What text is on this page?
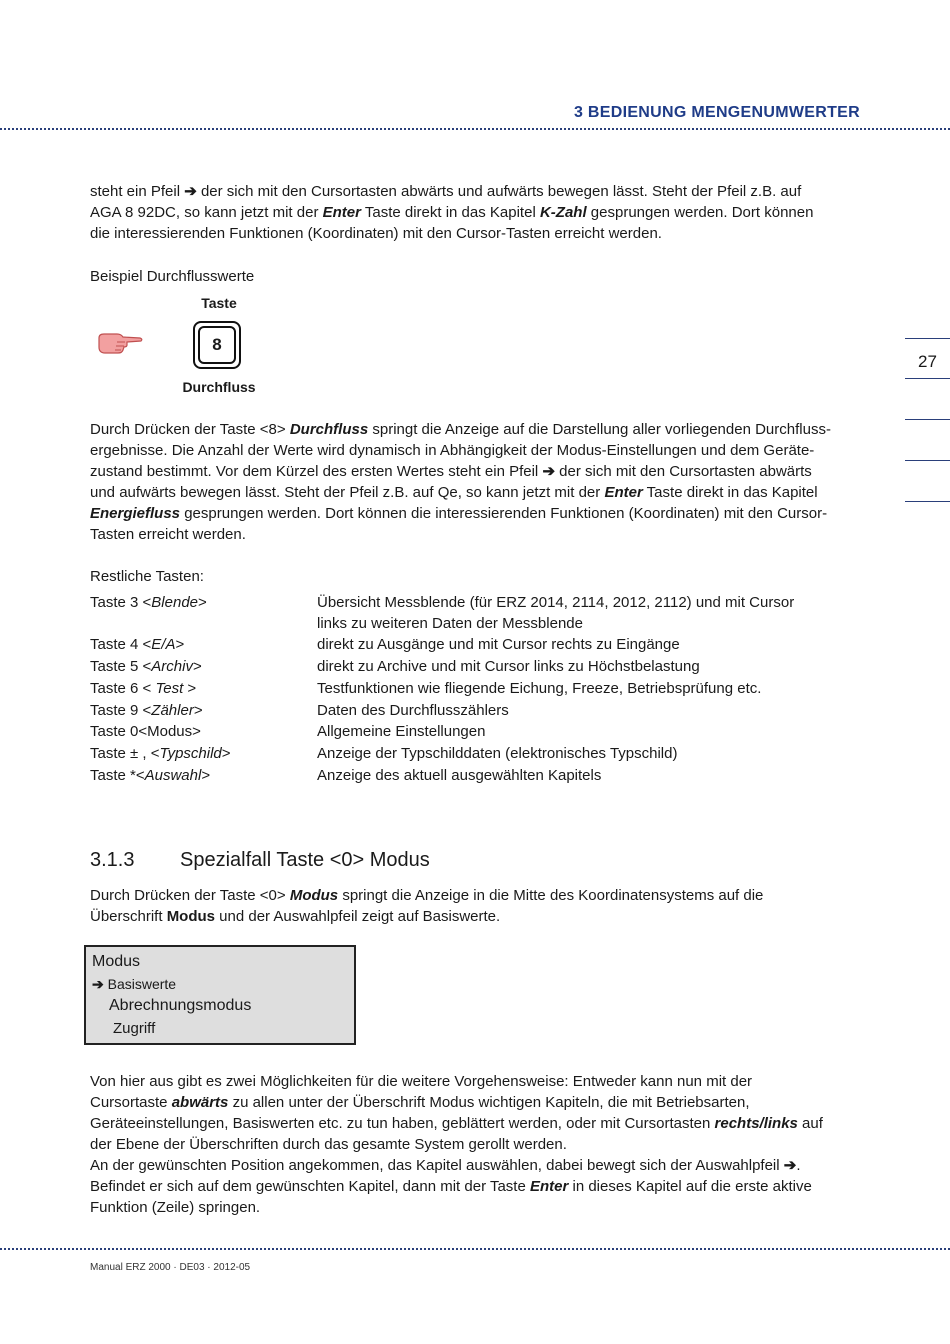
3 BEDIENUNG MENGENUMWERTER
27
steht ein Pfeil ➔ der sich mit den Cursortasten abwärts und aufwärts bewegen lässt. Steht der Pfeil z.B. auf
AGA 8 92DC, so kann jetzt mit der Enter Taste direkt in das Kapitel K-Zahl gesprungen werden. Dort können
die interessierenden Funktionen (Koordinaten) mit den Cursor-Tasten erreicht werden.
Beispiel Durchflusswerte
Taste
8
Durchfluss
Durch Drücken der Taste <8> Durchfluss springt die Anzeige auf die Darstellung aller vorliegenden Durchfluss-
ergebnisse. Die Anzahl der Werte wird dynamisch in Abhängigkeit der Modus-Einstellungen und dem Geräte-
zustand bestimmt. Vor dem Kürzel des ersten Wertes steht ein Pfeil ➔ der sich mit den Cursortasten abwärts
und aufwärts bewegen lässt. Steht der Pfeil z.B. auf Qe, so kann jetzt mit der Enter Taste direkt in das Kapitel
Energiefluss gesprungen werden. Dort können die interessierenden Funktionen (Koordinaten) mit den Cursor-
Tasten erreicht werden.
Restliche Tasten:
Taste 3 <Blende>	Übersicht Messblende (für ERZ 2014, 2114, 2012, 2112) und mit Cursor
links zu weiteren Daten der Messblende
Taste 4 <E/A>	direkt zu Ausgänge und mit Cursor rechts zu Eingänge
Taste 5 <Archiv>	direkt zu Archive und mit Cursor links zu Höchstbelastung
Taste 6 < Test >	Testfunktionen wie fliegende Eichung, Freeze, Betriebsprüfung etc.
Taste 9 <Zähler>	Daten des Durchflusszählers
Taste 0<Modus>	Allgemeine Einstellungen
Taste ± , <Typschild>	Anzeige der Typschilddaten (elektronisches Typschild)
Taste *<Auswahl>	Anzeige des aktuell ausgewählten Kapitels
3.1.3 Spezialfall Taste <0> Modus
Durch Drücken der Taste <0> Modus springt die Anzeige in die Mitte des Koordinatensystems auf die
Überschrift Modus und der Auswahlpfeil zeigt auf Basiswerte.
Modus
➔ Basiswerte
Abrechnungsmodus
Zugriff
Von hier aus gibt es zwei Möglichkeiten für die weitere Vorgehensweise: Entweder kann nun mit der
Cursortaste abwärts zu allen unter der Überschrift Modus wichtigen Kapiteln, die mit Betriebsarten,
Geräteeinstellungen, Basiswerten etc. zu tun haben, geblättert werden, oder mit Cursortasten rechts/links auf
der Ebene der Überschriften durch das gesamte System gerollt werden.
An der gewünschten Position angekommen, das Kapitel auswählen, dabei bewegt sich der Auswahlpfeil ➔.
Befindet er sich auf dem gewünschten Kapitel, dann mit der Taste Enter in dieses Kapitel auf die erste aktive
Funktion (Zeile) springen.
Manual ERZ 2000 · DE03 · 2012-05
